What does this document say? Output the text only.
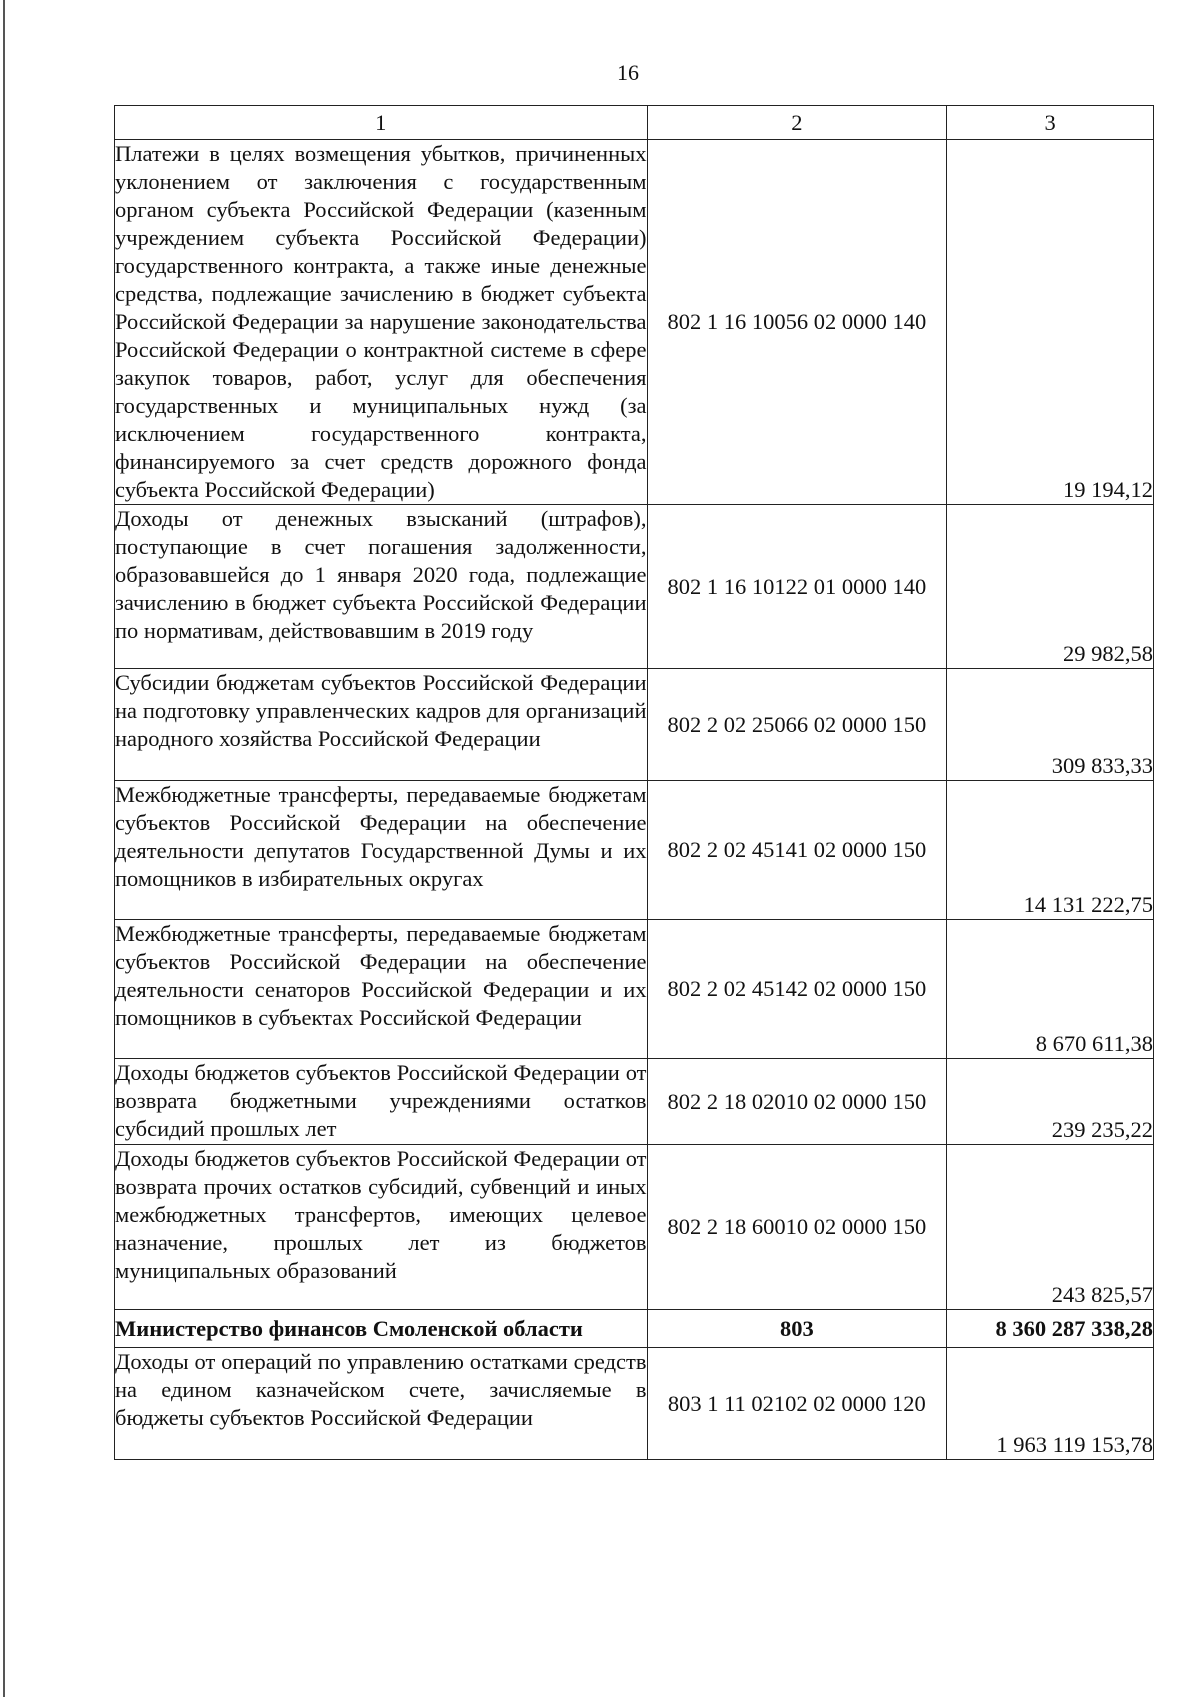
16
1	2	3
Платежи в целях возмещения убытков, причиненных уклонением от заключения с государственным органом субъекта Российской Федерации (казенным учреждением субъекта Российской Федерации) государственного контракта, а также иные денежные средства, подлежащие зачислению в бюджет субъекта Российской Федерации за нарушение законодательства Российской Федерации о контрактной системе в сфере закупок товаров, работ, услуг для обеспечения государственных и муниципальных нужд (за исключением государственного контракта, финансируемого за счет средств дорожного фонда субъекта Российской Федерации)	802 1 16 10056 02 0000 140	19 194,12
Доходы от денежных взысканий (штрафов), поступающие в счет погашения задолженности, образовавшейся до 1 января 2020 года, подлежащие зачислению в бюджет субъекта Российской Федерации по нормативам, действовавшим в 2019 году	802 1 16 10122 01 0000 140	29 982,58
Субсидии бюджетам субъектов Российской Федерации на подготовку управленческих кадров для организаций народного хозяйства Российской Федерации	802 2 02 25066 02 0000 150	309 833,33
Межбюджетные трансферты, передаваемые бюджетам субъектов Российской Федерации на обеспечение деятельности депутатов Государственной Думы и их помощников в избирательных округах	802 2 02 45141 02 0000 150	14 131 222,75
Межбюджетные трансферты, передаваемые бюджетам субъектов Российской Федерации на обеспечение деятельности сенаторов Российской Федерации и их помощников в субъектах Российской Федерации	802 2 02 45142 02 0000 150	8 670 611,38
Доходы бюджетов субъектов Российской Федерации от возврата бюджетными учреждениями остатков субсидий прошлых лет	802 2 18 02010 02 0000 150	239 235,22
Доходы бюджетов субъектов Российской Федерации от возврата прочих остатков субсидий, субвенций и иных межбюджетных трансфертов, имеющих целевое назначение, прошлых лет из бюджетов муниципальных образований	802 2 18 60010 02 0000 150	243 825,57
Министерство финансов Смоленской области	803	8 360 287 338,28
Доходы от операций по управлению остатками средств на едином казначейском счете, зачисляемые в бюджеты субъектов Российской Федерации	803 1 11 02102 02 0000 120	1 963 119 153,78
